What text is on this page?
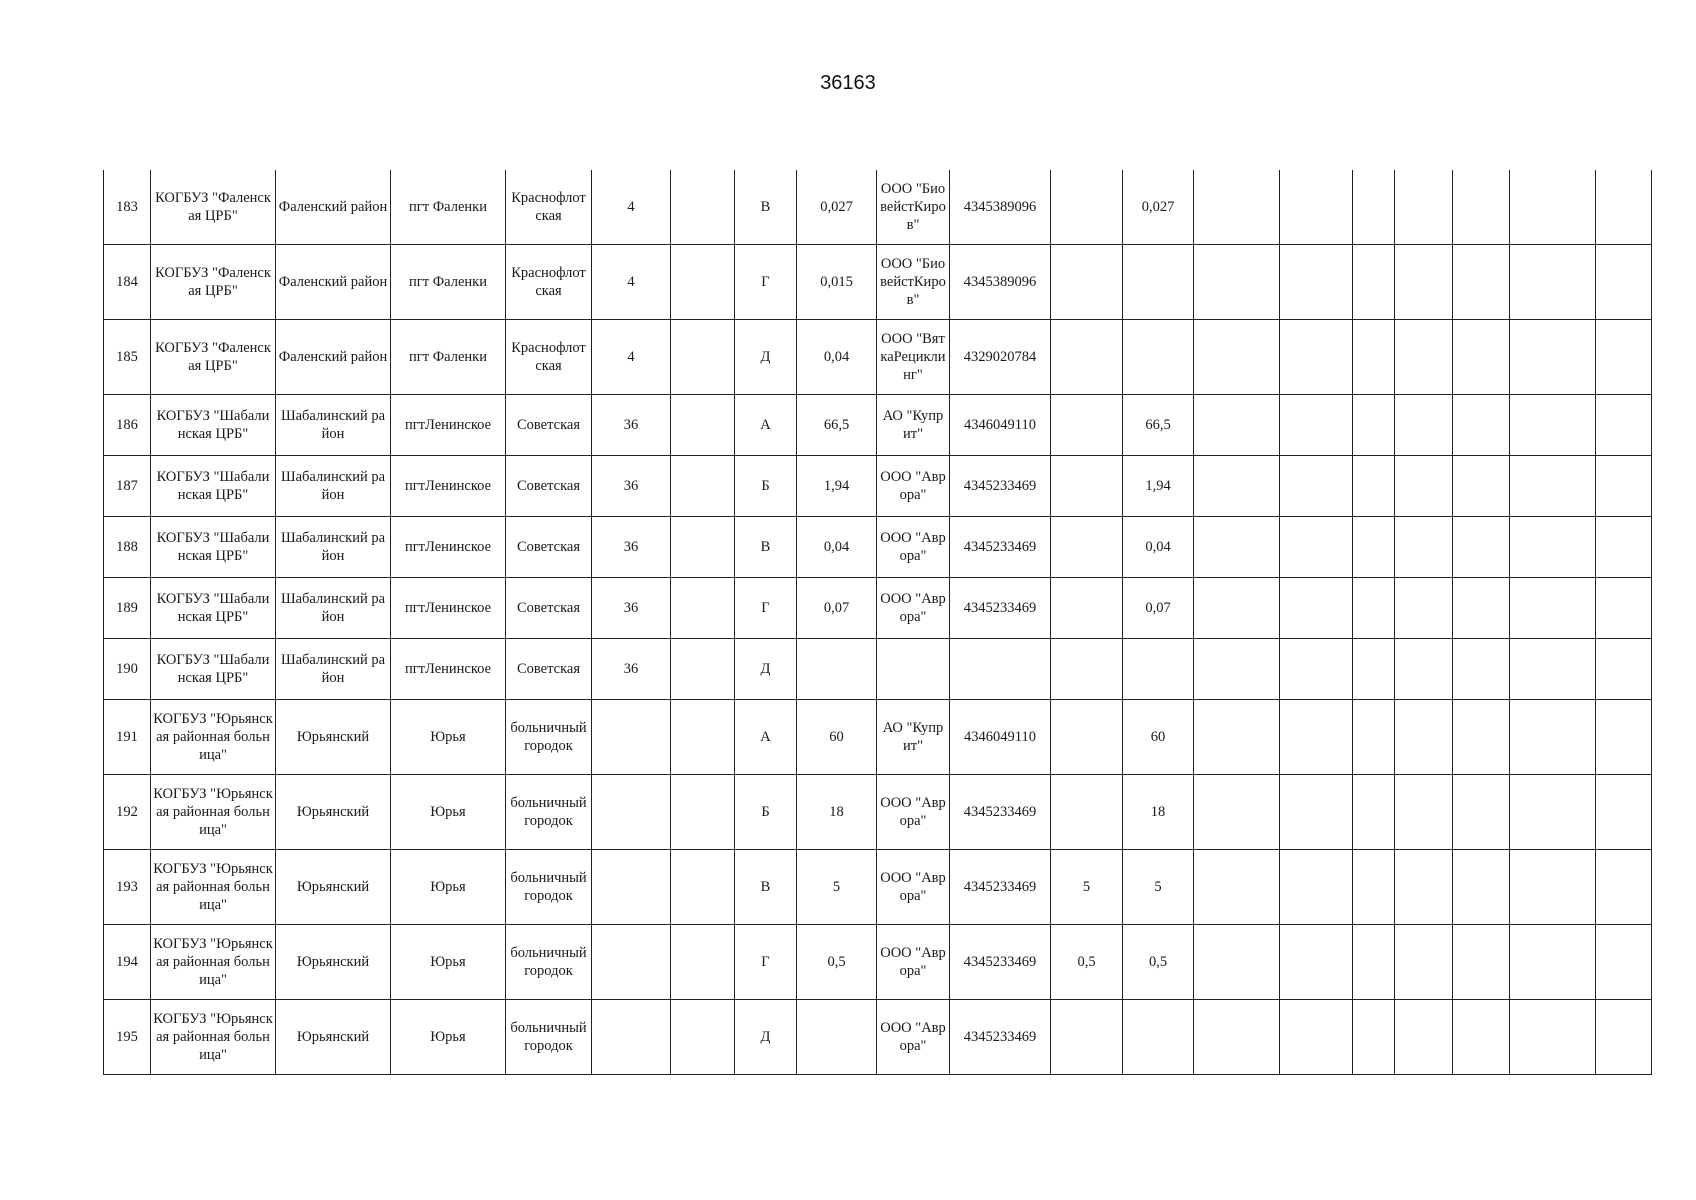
36163
183	КОГБУЗ "Фаленская ЦРБ"	Фаленский район	пгт Фаленки	Краснофлотская	4		В	0,027	ООО "БиовейстКиров"	4345389096		0,027							
184	КОГБУЗ "Фаленская ЦРБ"	Фаленский район	пгт Фаленки	Краснофлотская	4		Г	0,015	ООО "БиовейстКиров"	4345389096									
185	КОГБУЗ "Фаленская ЦРБ"	Фаленский район	пгт Фаленки	Краснофлотская	4		Д	0,04	ООО "ВяткаРециклинг"	4329020784									
186	КОГБУЗ "Шабалинская ЦРБ"	Шабалинский район	пгтЛенинское	Советская	36		А	66,5	АО "Куприт"	4346049110		66,5							
187	КОГБУЗ "Шабалинская ЦРБ"	Шабалинский район	пгтЛенинское	Советская	36		Б	1,94	ООО "Аврора"	4345233469		1,94							
188	КОГБУЗ "Шабалинская ЦРБ"	Шабалинский район	пгтЛенинское	Советская	36		В	0,04	ООО "Аврора"	4345233469		0,04							
189	КОГБУЗ "Шабалинская ЦРБ"	Шабалинский район	пгтЛенинское	Советская	36		Г	0,07	ООО "Аврора"	4345233469		0,07							
190	КОГБУЗ "Шабалинская ЦРБ"	Шабалинский район	пгтЛенинское	Советская	36		Д												
191	КОГБУЗ "Юрьянская районная больница"	Юрьянский	Юрья	больничный городок			А	60	АО "Куприт"	4346049110		60							
192	КОГБУЗ "Юрьянская районная больница"	Юрьянский	Юрья	больничный городок			Б	18	ООО "Аврора"	4345233469		18							
193	КОГБУЗ "Юрьянская районная больница"	Юрьянский	Юрья	больничный городок			В	5	ООО "Аврора"	4345233469	5	5							
194	КОГБУЗ "Юрьянская районная больница"	Юрьянский	Юрья	больничный городок			Г	0,5	ООО "Аврора"	4345233469	0,5	0,5							
195	КОГБУЗ "Юрьянская районная больница"	Юрьянский	Юрья	больничный городок			Д		ООО "Аврора"	4345233469									
